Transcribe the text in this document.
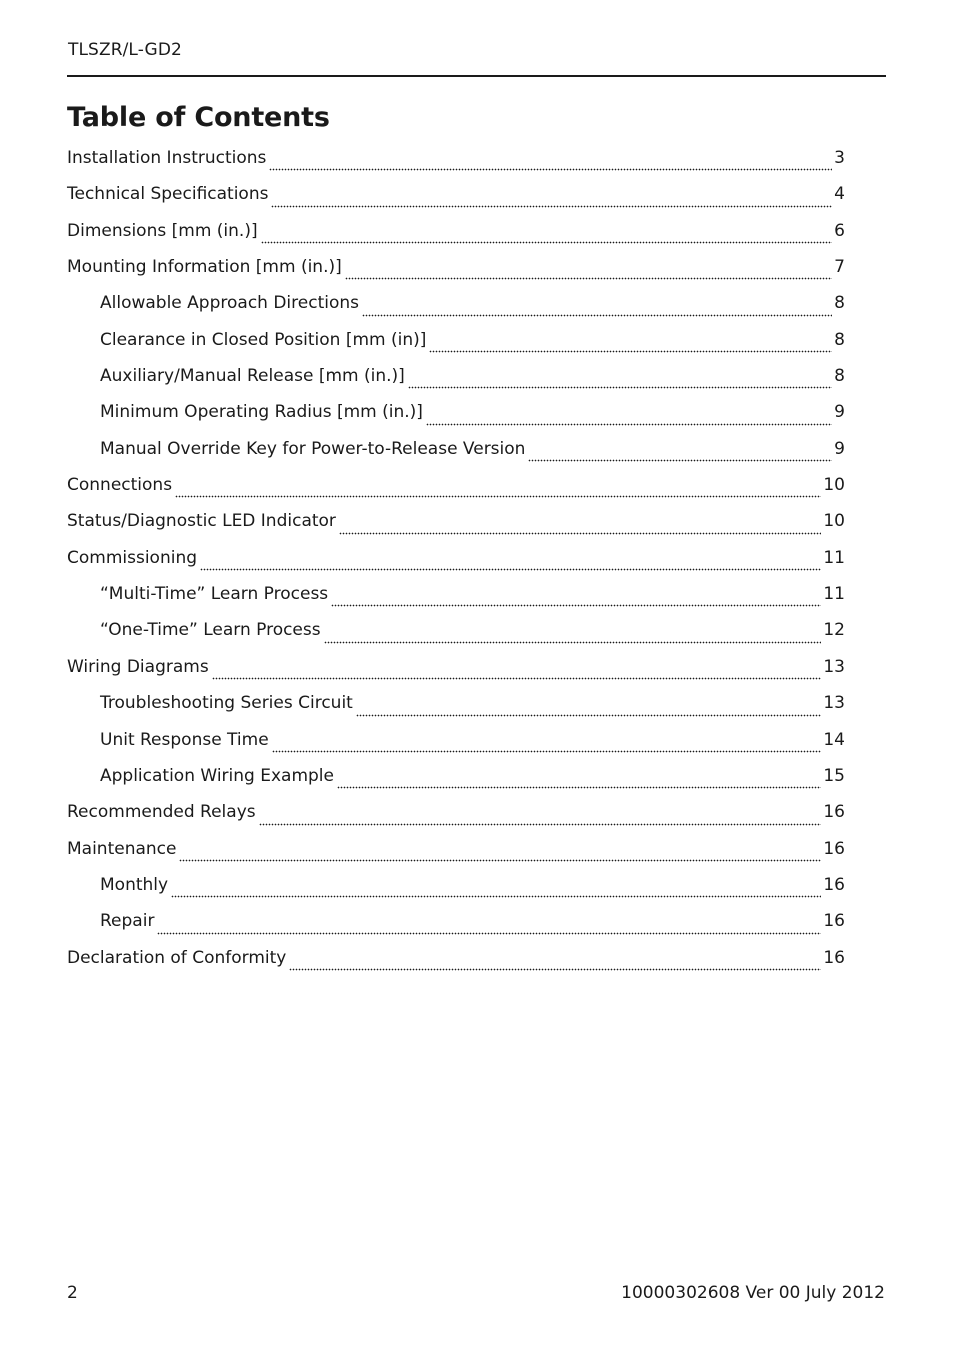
TLSZR/L-GD2
Table of Contents
Installation Instructions	3
Technical Specifications	4
Dimensions [mm (in.)]	6
Mounting Information [mm (in.)]	7
Allowable Approach Directions	8
Clearance in Closed Position [mm (in)]	8
Auxiliary/Manual Release [mm (in.)]	8
Minimum Operating Radius [mm (in.)]	9
Manual Override Key for Power-to-Release Version	9
Connections	10
Status/Diagnostic LED Indicator	10
Commissioning	11
“Multi-Time” Learn Process	11
“One-Time” Learn Process	12
Wiring Diagrams	13
Troubleshooting Series Circuit	13
Unit Response Time	14
Application Wiring Example	15
Recommended Relays	16
Maintenance	16
Monthly	16
Repair	16
Declaration of Conformity	16
2	10000302608 Ver 00 July 2012
